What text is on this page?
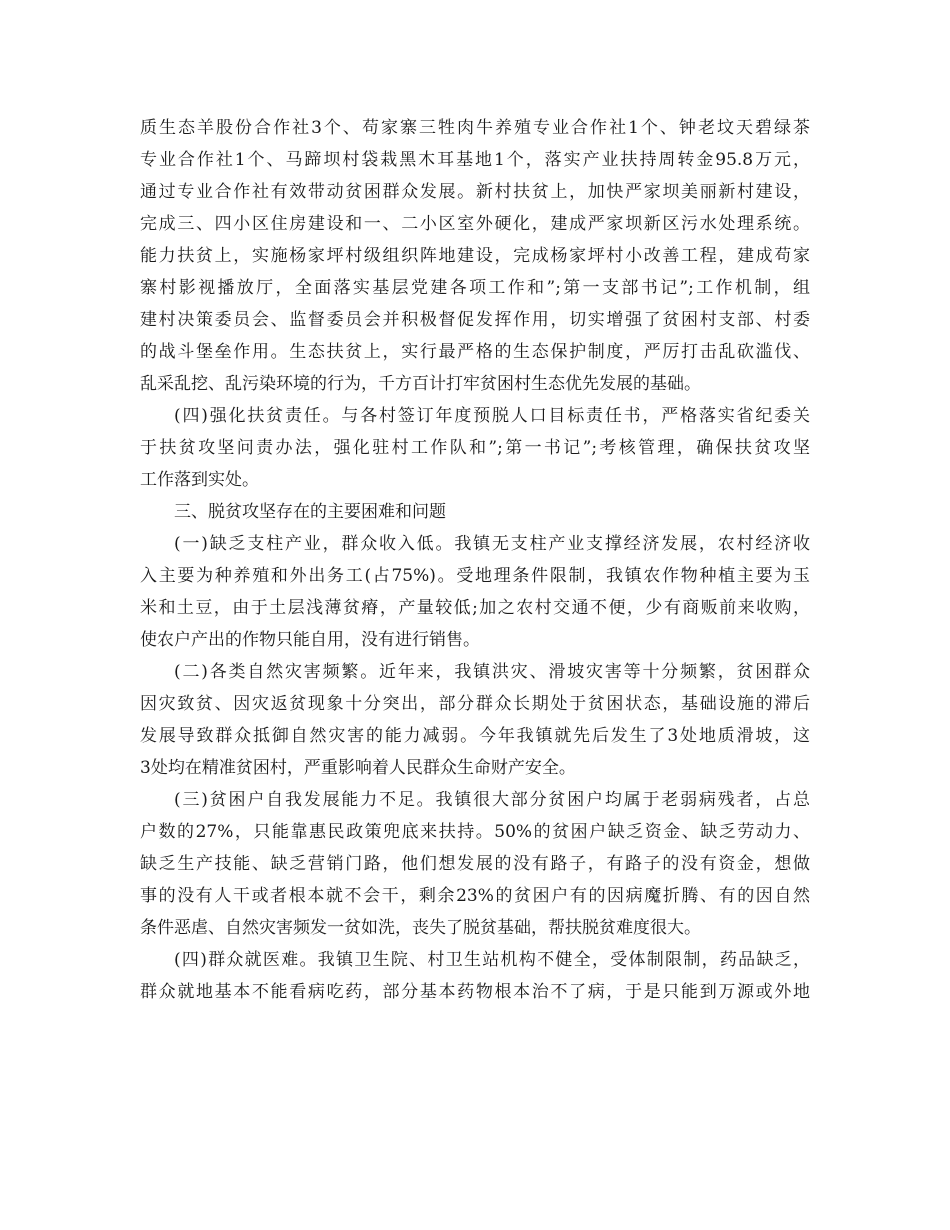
质生态羊股份合作社3个、苟家寨三牲肉牛养殖专业合作社1个、钟老坟天碧绿茶
专业合作社1个、马蹄坝村袋栽黑木耳基地1个，落实产业扶持周转金95.8万元，
通过专业合作社有效带动贫困群众发展。新村扶贫上，加快严家坝美丽新村建设，
完成三、四小区住房建设和一、二小区室外硬化，建成严家坝新区污水处理系统。
能力扶贫上，实施杨家坪村级组织阵地建设，完成杨家坪村小改善工程，建成苟家
寨村影视播放厅，全面落实基层党建各项工作和”;第一支部书记”;工作机制，组
建村决策委员会、监督委员会并积极督促发挥作用，切实增强了贫困村支部、村委
的战斗堡垒作用。生态扶贫上，实行最严格的生态保护制度，严厉打击乱砍滥伐、
乱采乱挖、乱污染环境的行为，千方百计打牢贫困村生态优先发展的基础。
(四)强化扶贫责任。与各村签订年度预脱人口目标责任书，严格落实省纪委关
于扶贫攻坚问责办法，强化驻村工作队和”;第一书记”;考核管理，确保扶贫攻坚
工作落到实处。
三、脱贫攻坚存在的主要困难和问题
(一)缺乏支柱产业，群众收入低。我镇无支柱产业支撑经济发展，农村经济收
入主要为种养殖和外出务工(占75%)。受地理条件限制，我镇农作物种植主要为玉
米和土豆，由于土层浅薄贫瘠，产量较低;加之农村交通不便，少有商贩前来收购，
使农户产出的作物只能自用，没有进行销售。
(二)各类自然灾害频繁。近年来，我镇洪灾、滑坡灾害等十分频繁，贫困群众
因灾致贫、因灾返贫现象十分突出，部分群众长期处于贫困状态，基础设施的滞后
发展导致群众抵御自然灾害的能力减弱。今年我镇就先后发生了3处地质滑坡，这
3处均在精准贫困村，严重影响着人民群众生命财产安全。
(三)贫困户自我发展能力不足。我镇很大部分贫困户均属于老弱病残者，占总
户数的27%，只能靠惠民政策兜底来扶持。50%的贫困户缺乏资金、缺乏劳动力、
缺乏生产技能、缺乏营销门路，他们想发展的没有路子，有路子的没有资金，想做
事的没有人干或者根本就不会干，剩余23%的贫困户有的因病魔折腾、有的因自然
条件恶虐、自然灾害频发一贫如洗，丧失了脱贫基础，帮扶脱贫难度很大。
(四)群众就医难。我镇卫生院、村卫生站机构不健全，受体制限制，药品缺乏，
群众就地基本不能看病吃药，部分基本药物根本治不了病，于是只能到万源或外地
